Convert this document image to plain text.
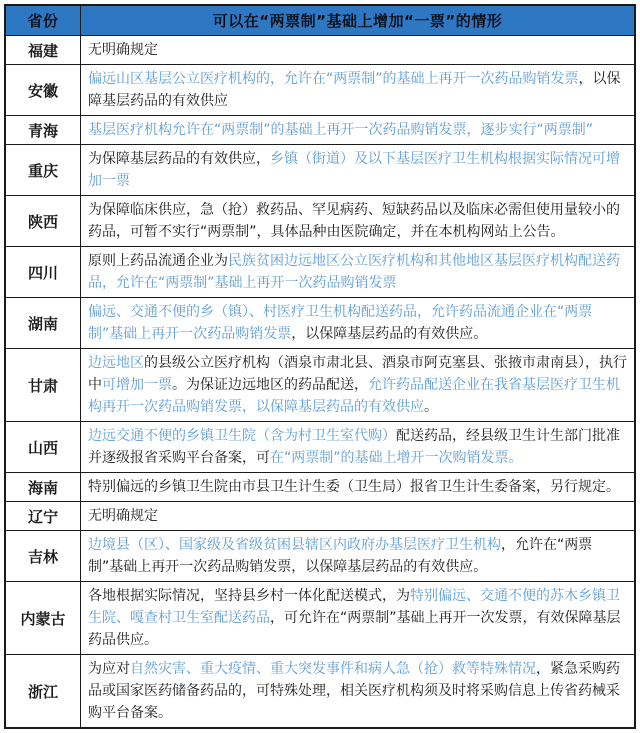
省份	可以在“两票制”基础上增加“一票”的情形
福建	无明确规定
安徽	偏远山区基层公立医疗机构的，允许在“两票制”的基础上再开一次药品购销发票，以保障基层药品的有效供应
青海	基层医疗机构允许在“两票制”的基础上再开一次药品购销发票，逐步实行“两票制”
重庆	为保障基层药品的有效供应，乡镇（街道）及以下基层医疗卫生机构根据实际情况可增加一票
陕西	为保障临床供应，急（抢）救药品、罕见病药、短缺药品以及临床必需但使用量较小的药品，可暂不实行“两票制”，具体品种由医院确定，并在本机构网站上公告。
四川	原则上药品流通企业为民族贫困边远地区公立医疗机构和其他地区基层医疗机构配送药品，允许在“两票制”基础上再开一次药品购销发票
湖南	偏远、交通不便的乡（镇）、村医疗卫生机构配送药品，允许药品流通企业在“两票制”基础上再开一次药品购销发票，以保障基层药品的有效供应。
甘肃	边远地区的县级公立医疗机构（酒泉市肃北县、酒泉市阿克塞县、张掖市肃南县），执行中可增加一票。为保证边远地区的药品配送，允许药品配送企业在我省基层医疗卫生机构再开一次药品购销发票，以保障基层药品的有效供应。
山西	边远交通不便的乡镇卫生院（含为村卫生室代购）配送药品，经县级卫生计生部门批准并逐级报省采购平台备案，可在“两票制”的基础上增开一次购销发票。
海南	特别偏远的乡镇卫生院由市县卫生计生委（卫生局）报省卫生计生委备案，另行规定。
辽宁	无明确规定
吉林	边境县（区）、国家级及省级贫困县辖区内政府办基层医疗卫生机构，允许在“两票制”基础上再开一次药品购销发票，以保障基层药品的有效供应。
内蒙古	各地根据实际情况，坚持县乡村一体化配送模式，为特别偏远、交通不便的苏木乡镇卫生院、嘎查村卫生室配送药品，可允许在“两票制”基础上再开一次发票，有效保障基层药品供应。
浙江	为应对自然灾害、重大疫情、重大突发事件和病人急（抢）救等特殊情况，紧急采购药品或国家医药储备药品的，可特殊处理，相关医疗机构须及时将采购信息上传省药械采购平台备案。
